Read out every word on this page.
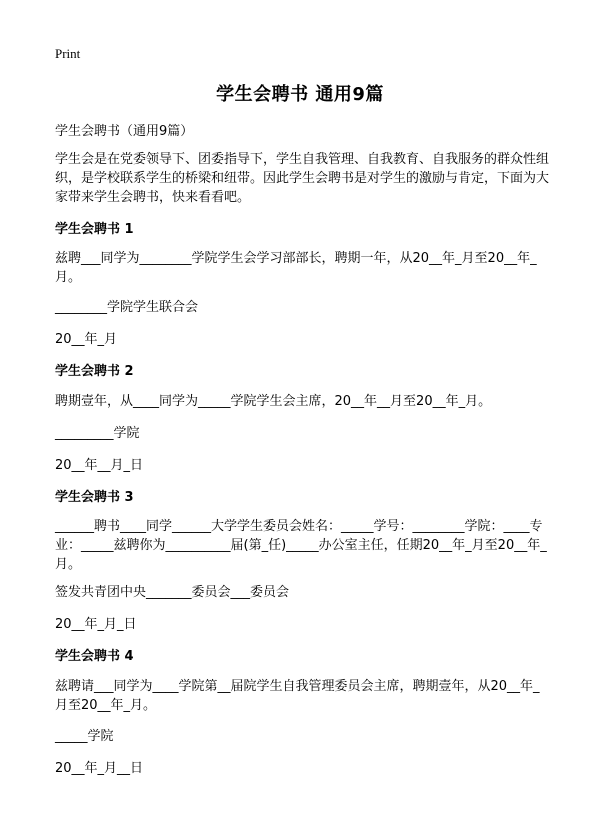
Print
学生会聘书 通用9篇
学生会聘书（通用9篇）
学生会是在党委领导下、团委指导下，学生自我管理、自我教育、自我服务的群众性组织，是学校联系学生的桥梁和纽带。因此学生会聘书是对学生的激励与肯定，下面为大家带来学生会聘书，快来看看吧。
学生会聘书 1
兹聘___同学为________学院学生会学习部部长，聘期一年，从20__年_月至20__年_月。
________学院学生联合会
20__年_月
学生会聘书 2
聘期壹年，从____同学为_____学院学生会主席，20__年__月至20__年_月。
_________学院
20__年__月_日
学生会聘书 3
______聘书____同学______大学学生委员会姓名：_____学号：________学院：____专业：_____兹聘你为__________届(第_任)_____办公室主任，任期20__年_月至20__年_月。
签发共青团中央_______委员会___委员会
20__年_月_日
学生会聘书 4
兹聘请___同学为____学院第__届院学生自我管理委员会主席，聘期壹年，从20__年_月至20__年_月。
_____学院
20__年_月__日
